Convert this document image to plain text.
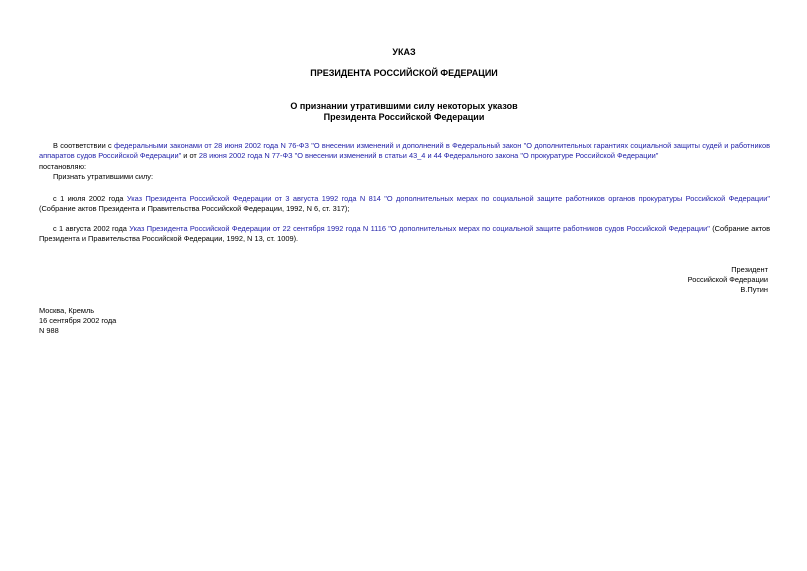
УКАЗ
ПРЕЗИДЕНТА РОССИЙСКОЙ ФЕДЕРАЦИИ
О признании утратившими силу некоторых указов
Президента Российской Федерации
В соответствии с федеральными законами от 28 июня 2002 года N 76-ФЗ "О внесении изменений и дополнений в Федеральный закон "О дополнительных гарантиях социальной защиты судей и работников аппаратов судов Российской Федерации" и от 28 июня 2002 года N 77-ФЗ "О внесении изменений в статьи 43_4 и 44 Федерального закона "О прокуратуре Российской Федерации"
постановляю:
Признать утратившими силу:
с 1 июля 2002 года Указ Президента Российской Федерации от 3 августа 1992 года N 814 "О дополнительных мерах по социальной защите работников органов прокуратуры Российской Федерации" (Собрание актов Президента и Правительства Российской Федерации, 1992, N 6, ст. 317);
с 1 августа 2002 года Указ Президента Российской Федерации от 22 сентября 1992 года N 1116 "О дополнительных мерах по социальной защите работников судов Российской Федерации" (Собрание актов Президента и Правительства Российской Федерации, 1992, N 13, ст. 1009).
Президент
Российской Федерации
В.Путин
Москва, Кремль
16 сентября 2002 года
N 988
